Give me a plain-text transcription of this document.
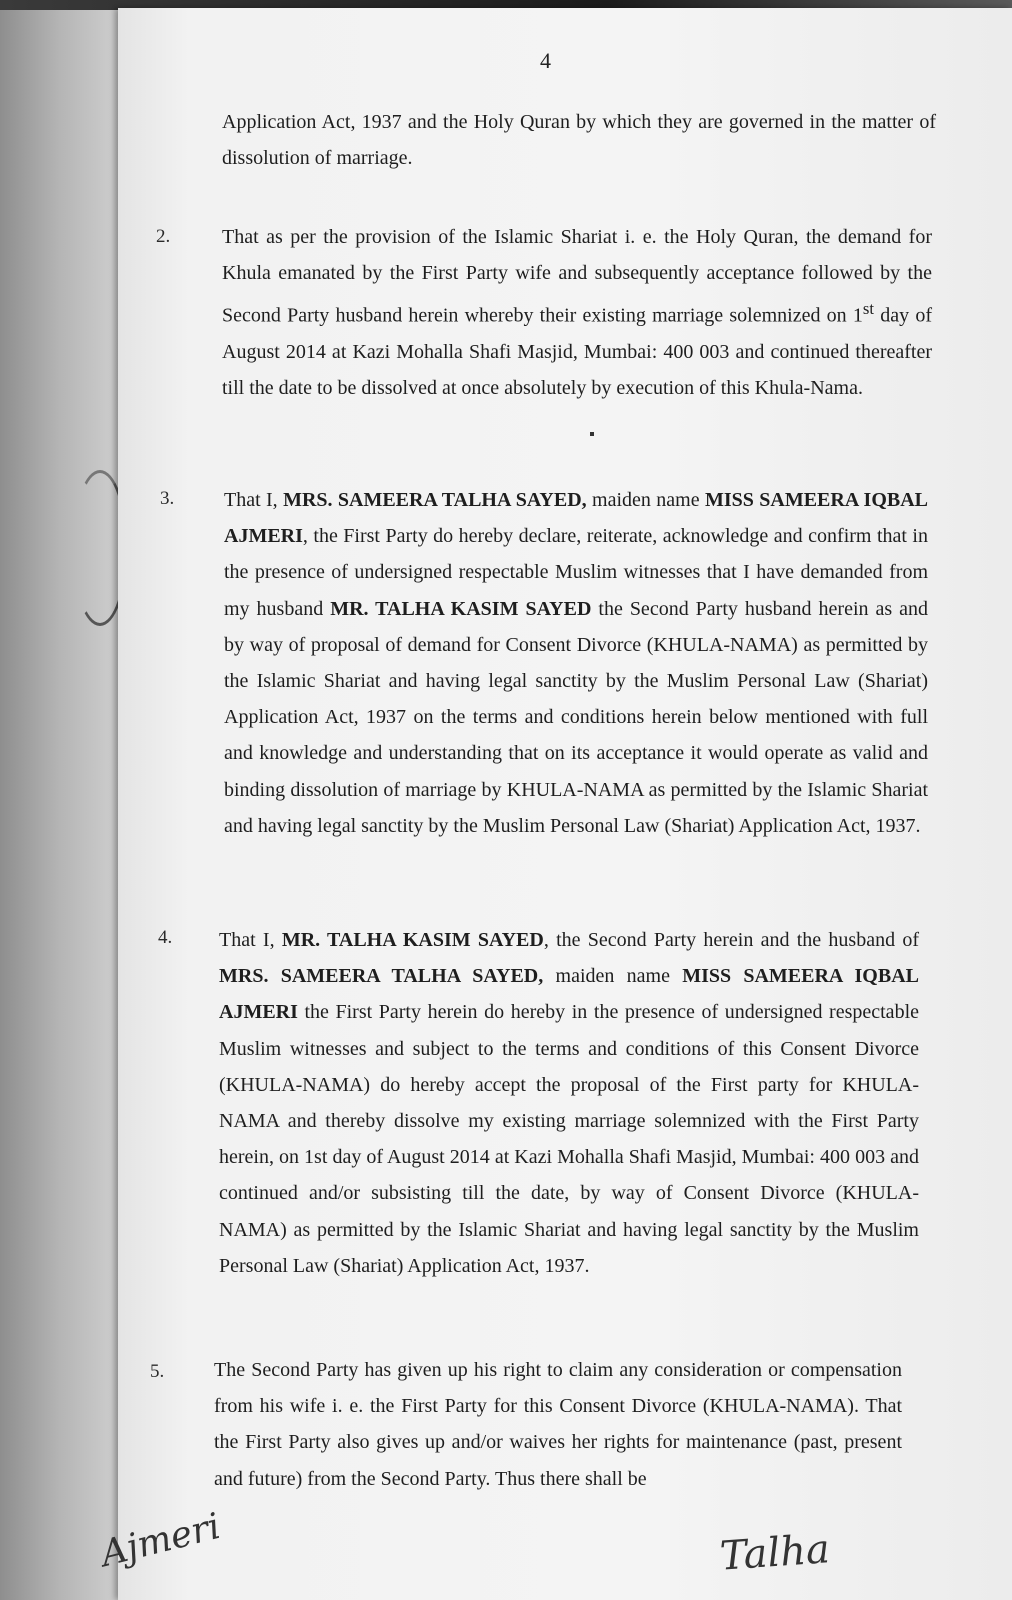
4
Application Act, 1937 and the Holy Quran by which they are governed in the matter of dissolution of marriage.
2.	That as per the provision of the Islamic Shariat i. e. the Holy Quran, the demand for Khula emanated by the First Party wife and subsequently acceptance followed by the Second Party husband herein whereby their existing marriage solemnized on 1st day of August 2014 at Kazi Mohalla Shafi Masjid, Mumbai: 400 003 and continued thereafter till the date to be dissolved at once absolutely by execution of this Khula-Nama.
3. That I, MRS. SAMEERA TALHA SAYED, maiden name MISS SAMEERA IQBAL AJMERI, the First Party do hereby declare, reiterate, acknowledge and confirm that in the presence of undersigned respectable Muslim witnesses that I have demanded from my husband MR. TALHA KASIM SAYED the Second Party husband herein as and by way of proposal of demand for Consent Divorce (KHULA-NAMA) as permitted by the Islamic Shariat and having legal sanctity by the Muslim Personal Law (Shariat) Application Act, 1937 on the terms and conditions herein below mentioned with full and knowledge and understanding that on its acceptance it would operate as valid and binding dissolution of marriage by KHULA-NAMA as permitted by the Islamic Shariat and having legal sanctity by the Muslim Personal Law (Shariat) Application Act, 1937.
4. That I, MR. TALHA KASIM SAYED, the Second Party herein and the husband of MRS. SAMEERA TALHA SAYED, maiden name MISS SAMEERA IQBAL AJMERI the First Party herein do hereby in the presence of undersigned respectable Muslim witnesses and subject to the terms and conditions of this Consent Divorce (KHULA-NAMA) do hereby accept the proposal of the First party for KHULA-NAMA and thereby dissolve my existing marriage solemnized with the First Party herein, on 1st day of August 2014 at Kazi Mohalla Shafi Masjid, Mumbai: 400 003 and continued and/or subsisting till the date, by way of Consent Divorce (KHULA-NAMA) as permitted by the Islamic Shariat and having legal sanctity by the Muslim Personal Law (Shariat) Application Act, 1937.
5. The Second Party has given up his right to claim any consideration or compensation from his wife i. e. the First Party for this Consent Divorce (KHULA-NAMA). That the First Party also gives up and/or waives her rights for maintenance (past, present and future) from the Second Party. Thus there shall be
Ajmeri	Talha
